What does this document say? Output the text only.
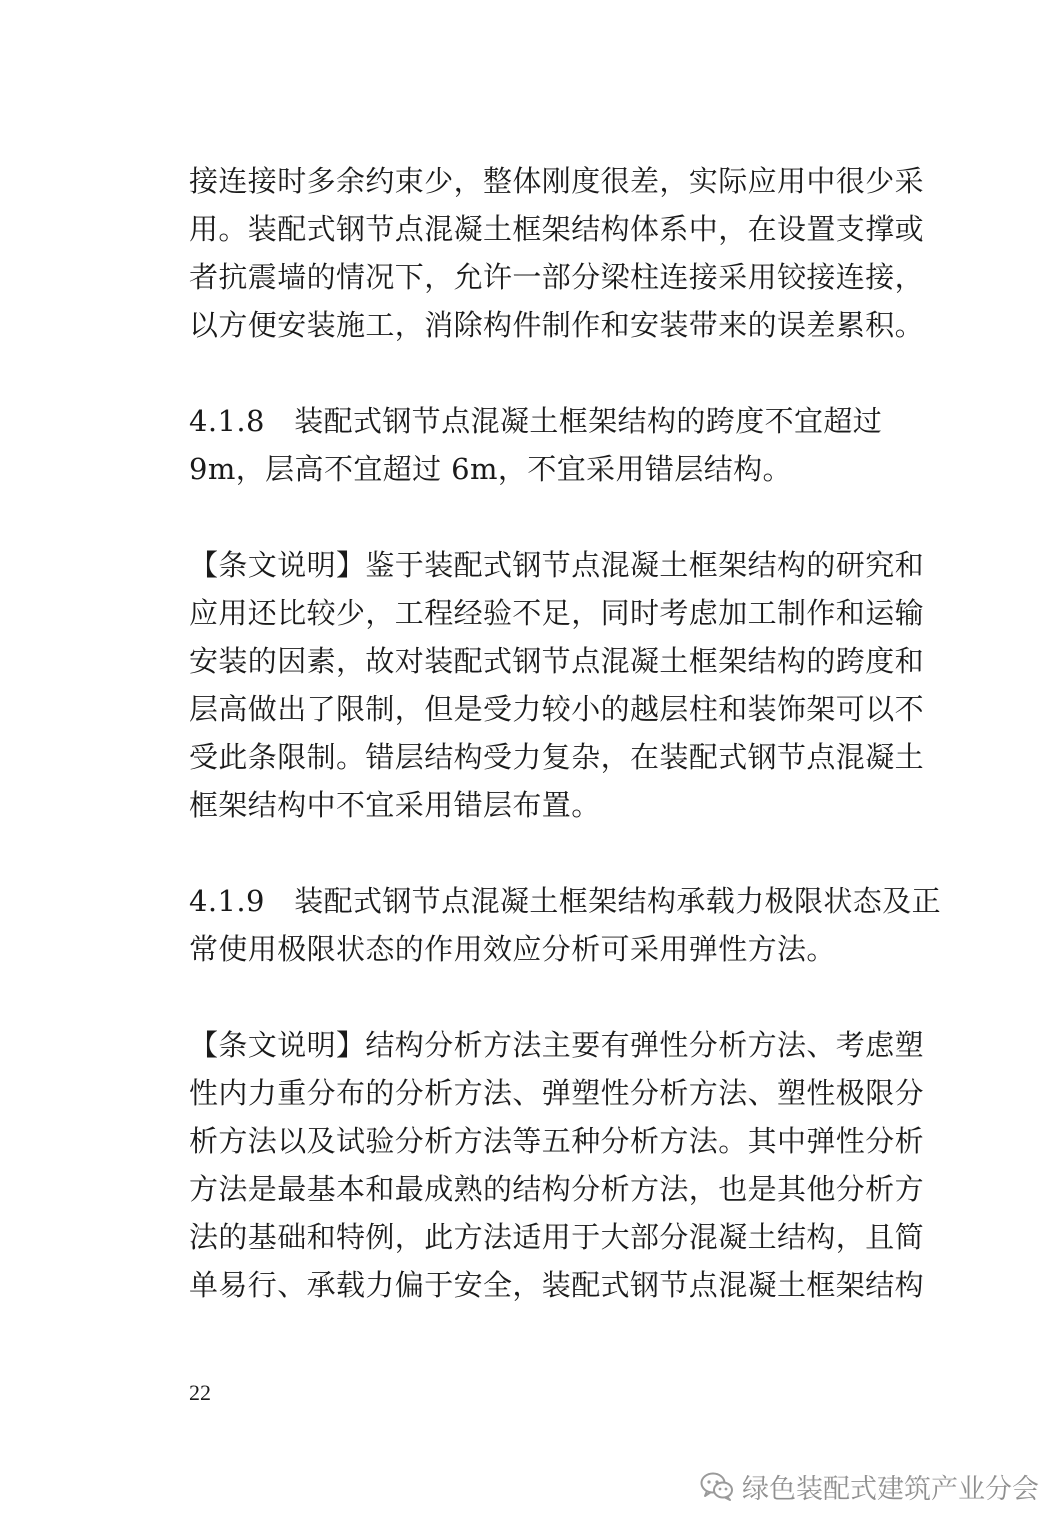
接连接时多余约束少，整体刚度很差，实际应用中很少采
用。装配式钢节点混凝土框架结构体系中，在设置支撑或
者抗震墙的情况下，允许一部分梁柱连接采用铰接连接，
以方便安装施工，消除构件制作和安装带来的误差累积。
4.1.8　装配式钢节点混凝土框架结构的跨度不宜超过
9m，层高不宜超过 6m，不宜采用错层结构。
【条文说明】鉴于装配式钢节点混凝土框架结构的研究和
应用还比较少，工程经验不足，同时考虑加工制作和运输
安装的因素，故对装配式钢节点混凝土框架结构的跨度和
层高做出了限制，但是受力较小的越层柱和装饰架可以不
受此条限制。错层结构受力复杂，在装配式钢节点混凝土
框架结构中不宜采用错层布置。
4.1.9　装配式钢节点混凝土框架结构承载力极限状态及正
常使用极限状态的作用效应分析可采用弹性方法。
【条文说明】结构分析方法主要有弹性分析方法、考虑塑
性内力重分布的分析方法、弹塑性分析方法、塑性极限分
析方法以及试验分析方法等五种分析方法。其中弹性分析
方法是最基本和最成熟的结构分析方法，也是其他分析方
法的基础和特例，此方法适用于大部分混凝土结构，且简
单易行、承载力偏于安全，装配式钢节点混凝土框架结构
22
绿色装配式建筑产业分会
